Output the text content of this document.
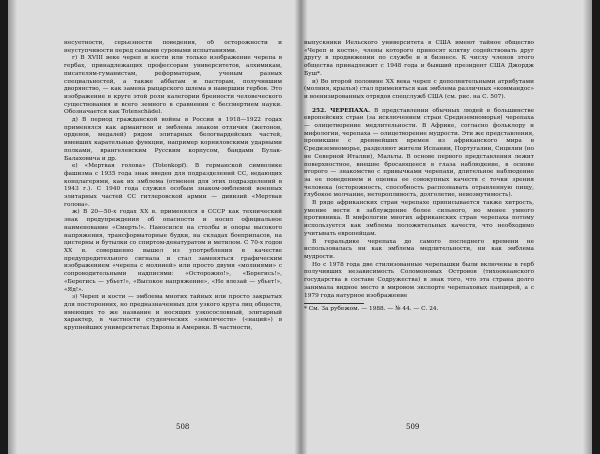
несуетности, серьезности поведения, об осторожности и неуступчивости перед самыми суровыми испытаниями.

г) В XVIII веке череп и кости или только изображение черепа в гербах, принадлежащих профессорам университетов, алхимикам, писателям-гуманистам, реформаторам, ученым разных специальностей, а также аббатам и пасторам, получившим дворянство, — как замена рыцарского шлема в навершии гербов. Это изображение в круге этой роли калегории бренности человеческого существования и всего земного в сравнении с бессмертием науки. Обозначается как Totenschädel.

д) В период гражданской войны в России в 1918—1922 годах применялся как армаигнон и эмблема знаком отличия (жетонов, орденов, медалей) рядом элитарных белогвардейских частей, имевших карательные функции, например корниловскими ударными полками, врангелевским Русским корпусом, бандами Булак-Балаховича и др.

е) «Мертвая голова» (Totenkopf). В германской символике фашизма с 1935 года знак введен для подразделений СС, ведающих концлагерями, как их эмблема (отменен для этих подразделений в 1943 г.). С 1940 года служил особым знаком-эмблемой военных элитарных частей СС гитлеровской армии — дивизий «Мертвая голова».

ж) В 20—50-х годах XX в. применялся в СССР как технический знак предупреждения об опасности и носил официальное наименование «Смерть!». Наносился на столбы и опоры высокого напряжения, трансформаторные будки, на складах боеприпасов, на цистерны и бутылки со спиртом-денатуратом и метилом. С 70-х годов XX в. совершенно вышел из употребления в качестве предупредительного сигнала и стал заменяться графическим изображением «черепа с молнией» или просто двумя «молниями» с сопроводительными надписями: «Осторожно!», «Берегись!», «Берегись — убьет!», «Высокое напряжение», «Не влезай — убьет!», «Яд!».

з) Череп и кости — эмблема многих тайных или просто закрытых для посторонних, но предназначенных для узкого круга лиц обществ, имеющих то же название и носящих узкосословный, элитарный характер, в частности студенческих «землячеств» («наций») в крупнейших университетах Европы и Америки. В частности,

508

выпускники Йельского университета в США имеют тайное общество «Череп и кости», члены которого приносят клятву содействовать друг другу в продвижении по службе и в бизнесе. К числу членов этого общества принадлежит с 1948 года и бывший президент США Джордж Буш*.

и) Во второй половине XX века череп с дополнительными атрибутами (молния, крылья) стал применяться как эмблема различных «коммандос» и военизированных отрядов спецслужб США (см. рис. на С. 507).

252. ЧЕРЕПАХА. В представлении обычных людей в большинстве европейских стран (за исключением стран Средиземноморья) черепаха — олицетворение медлительности. В Африке, согласно фольклору и мифологии, черепаха — олицетворение мудрости. Эти же представления, проникшие с древнейших времен из африканского мира в Средиземноморье, разделяют жители Испании, Португалии, Сицилии (но не Северной Италии), Мальты. В основе первого представления лежит поверхностное, внешне бросающееся в глаза наблюдение, в основе второго — знакомство с привычками черепахи, длительное наблюдение за ее поведением и оценка ее совокупных качеств с точки зрения человека (осторожность, способность распознавать отравленную пищу, глубокое молчание, неторопливость, долголетие, невозмутимость).

В ряде африканских стран черепахе приписывается также хитрость, умение вести в заблуждение более сильного, но менее умного противника. В мифологии многих африканских стран черепаха потому используется как эмблема положительных качеств, что необходимо учитывать европейцам.

В геральдике черепаха до самого последнего времени не использовалась ни как эмблема медлительности, ни как эмблема мудрости.

Но с 1978 года две стилизованные черепашки были включены в герб получивших независимость Соломоновых Островов (тихоокеанского государства в составе Содружества) в знак того, что эта страна долго занимала видное место в мировом экспорте черепаховых панцирей, а с 1979 года натурное изображение

* См. За рубежом. — 1988. — № 44. — С. 24.

509
